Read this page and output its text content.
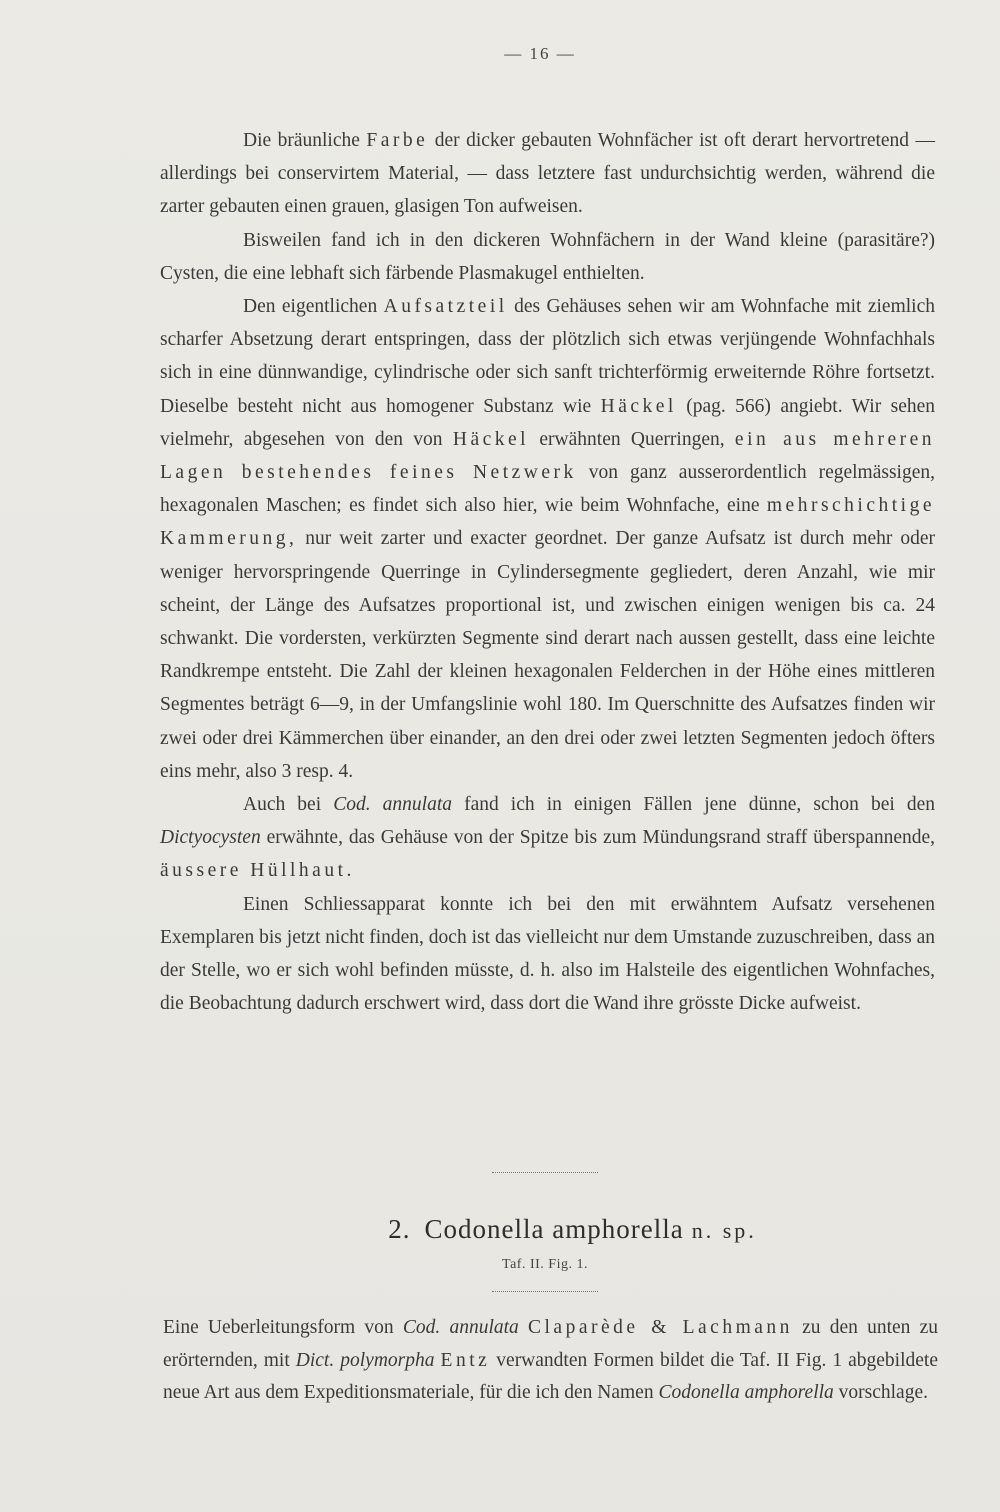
— 16 —

Die bräunliche Farbe der dicker gebauten Wohnfächer ist oft derart hervortretend — allerdings bei conservirtem Material, — dass letztere fast undurchsichtig werden, während die zarter gebauten einen grauen, glasigen Ton aufweisen.

Bisweilen fand ich in den dickeren Wohnfächern in der Wand kleine (parasitäre?) Cysten, die eine lebhaft sich färbende Plasmakugel enthielten.

Den eigentlichen Aufsatzteil des Gehäuses sehen wir am Wohnfache mit ziemlich scharfer Absetzung derart entspringen, dass der plötzlich sich etwas verjüngende Wohnfachhals sich in eine dünnwandige, cylindrische oder sich sanft trichterförmig erweiternde Röhre fortsetzt. Dieselbe besteht nicht aus homogener Substanz wie Häckel (pag. 566) angiebt. Wir sehen vielmehr, abgesehen von den von Häckel erwähnten Querringen, ein aus mehreren Lagen bestehendes feines Netzwerk von ganz ausserordentlich regelmässigen, hexagonalen Maschen; es findet sich also hier, wie beim Wohnfache, eine mehrschichtige Kammerung, nur weit zarter und exacter geordnet. Der ganze Aufsatz ist durch mehr oder weniger hervorspringende Querringe in Cylindersegmente gegliedert, deren Anzahl, wie mir scheint, der Länge des Aufsatzes proportional ist, und zwischen einigen wenigen bis ca. 24 schwankt. Die vordersten, verkürzten Segmente sind derart nach aussen gestellt, dass eine leichte Randkrempe entsteht. Die Zahl der kleinen hexagonalen Felderchen in der Höhe eines mittleren Segmentes beträgt 6—9, in der Umfangslinie wohl 180. Im Querschnitte des Aufsatzes finden wir zwei oder drei Kämmerchen über einander, an den drei oder zwei letzten Segmenten jedoch öfters eins mehr, also 3 resp. 4.

Auch bei Cod. annulata fand ich in einigen Fällen jene dünne, schon bei den Dictyocysten erwähnte, das Gehäuse von der Spitze bis zum Mündungsrand straff überspannende, äussere Hüllhaut.

Einen Schliessapparat konnte ich bei den mit erwähntem Aufsatz versehenen Exemplaren bis jetzt nicht finden, doch ist das vielleicht nur dem Umstande zuzuschreiben, dass an der Stelle, wo er sich wohl befinden müsste, d. h. also im Halsteile des eigentlichen Wohnfaches, die Beobachtung dadurch erschwert wird, dass dort die Wand ihre grösste Dicke aufweist.

2. Codonella amphorella n. sp.
Taf. II. Fig. 1.

Eine Ueberleitungsform von Cod. annulata Claparède & Lachmann zu den unten zu erörternden, mit Dict. polymorpha Entz verwandten Formen bildet die Taf. II Fig. 1 abgebildete neue Art aus dem Expeditionsmateriale, für die ich den Namen Codonella amphorella vorschlage.
